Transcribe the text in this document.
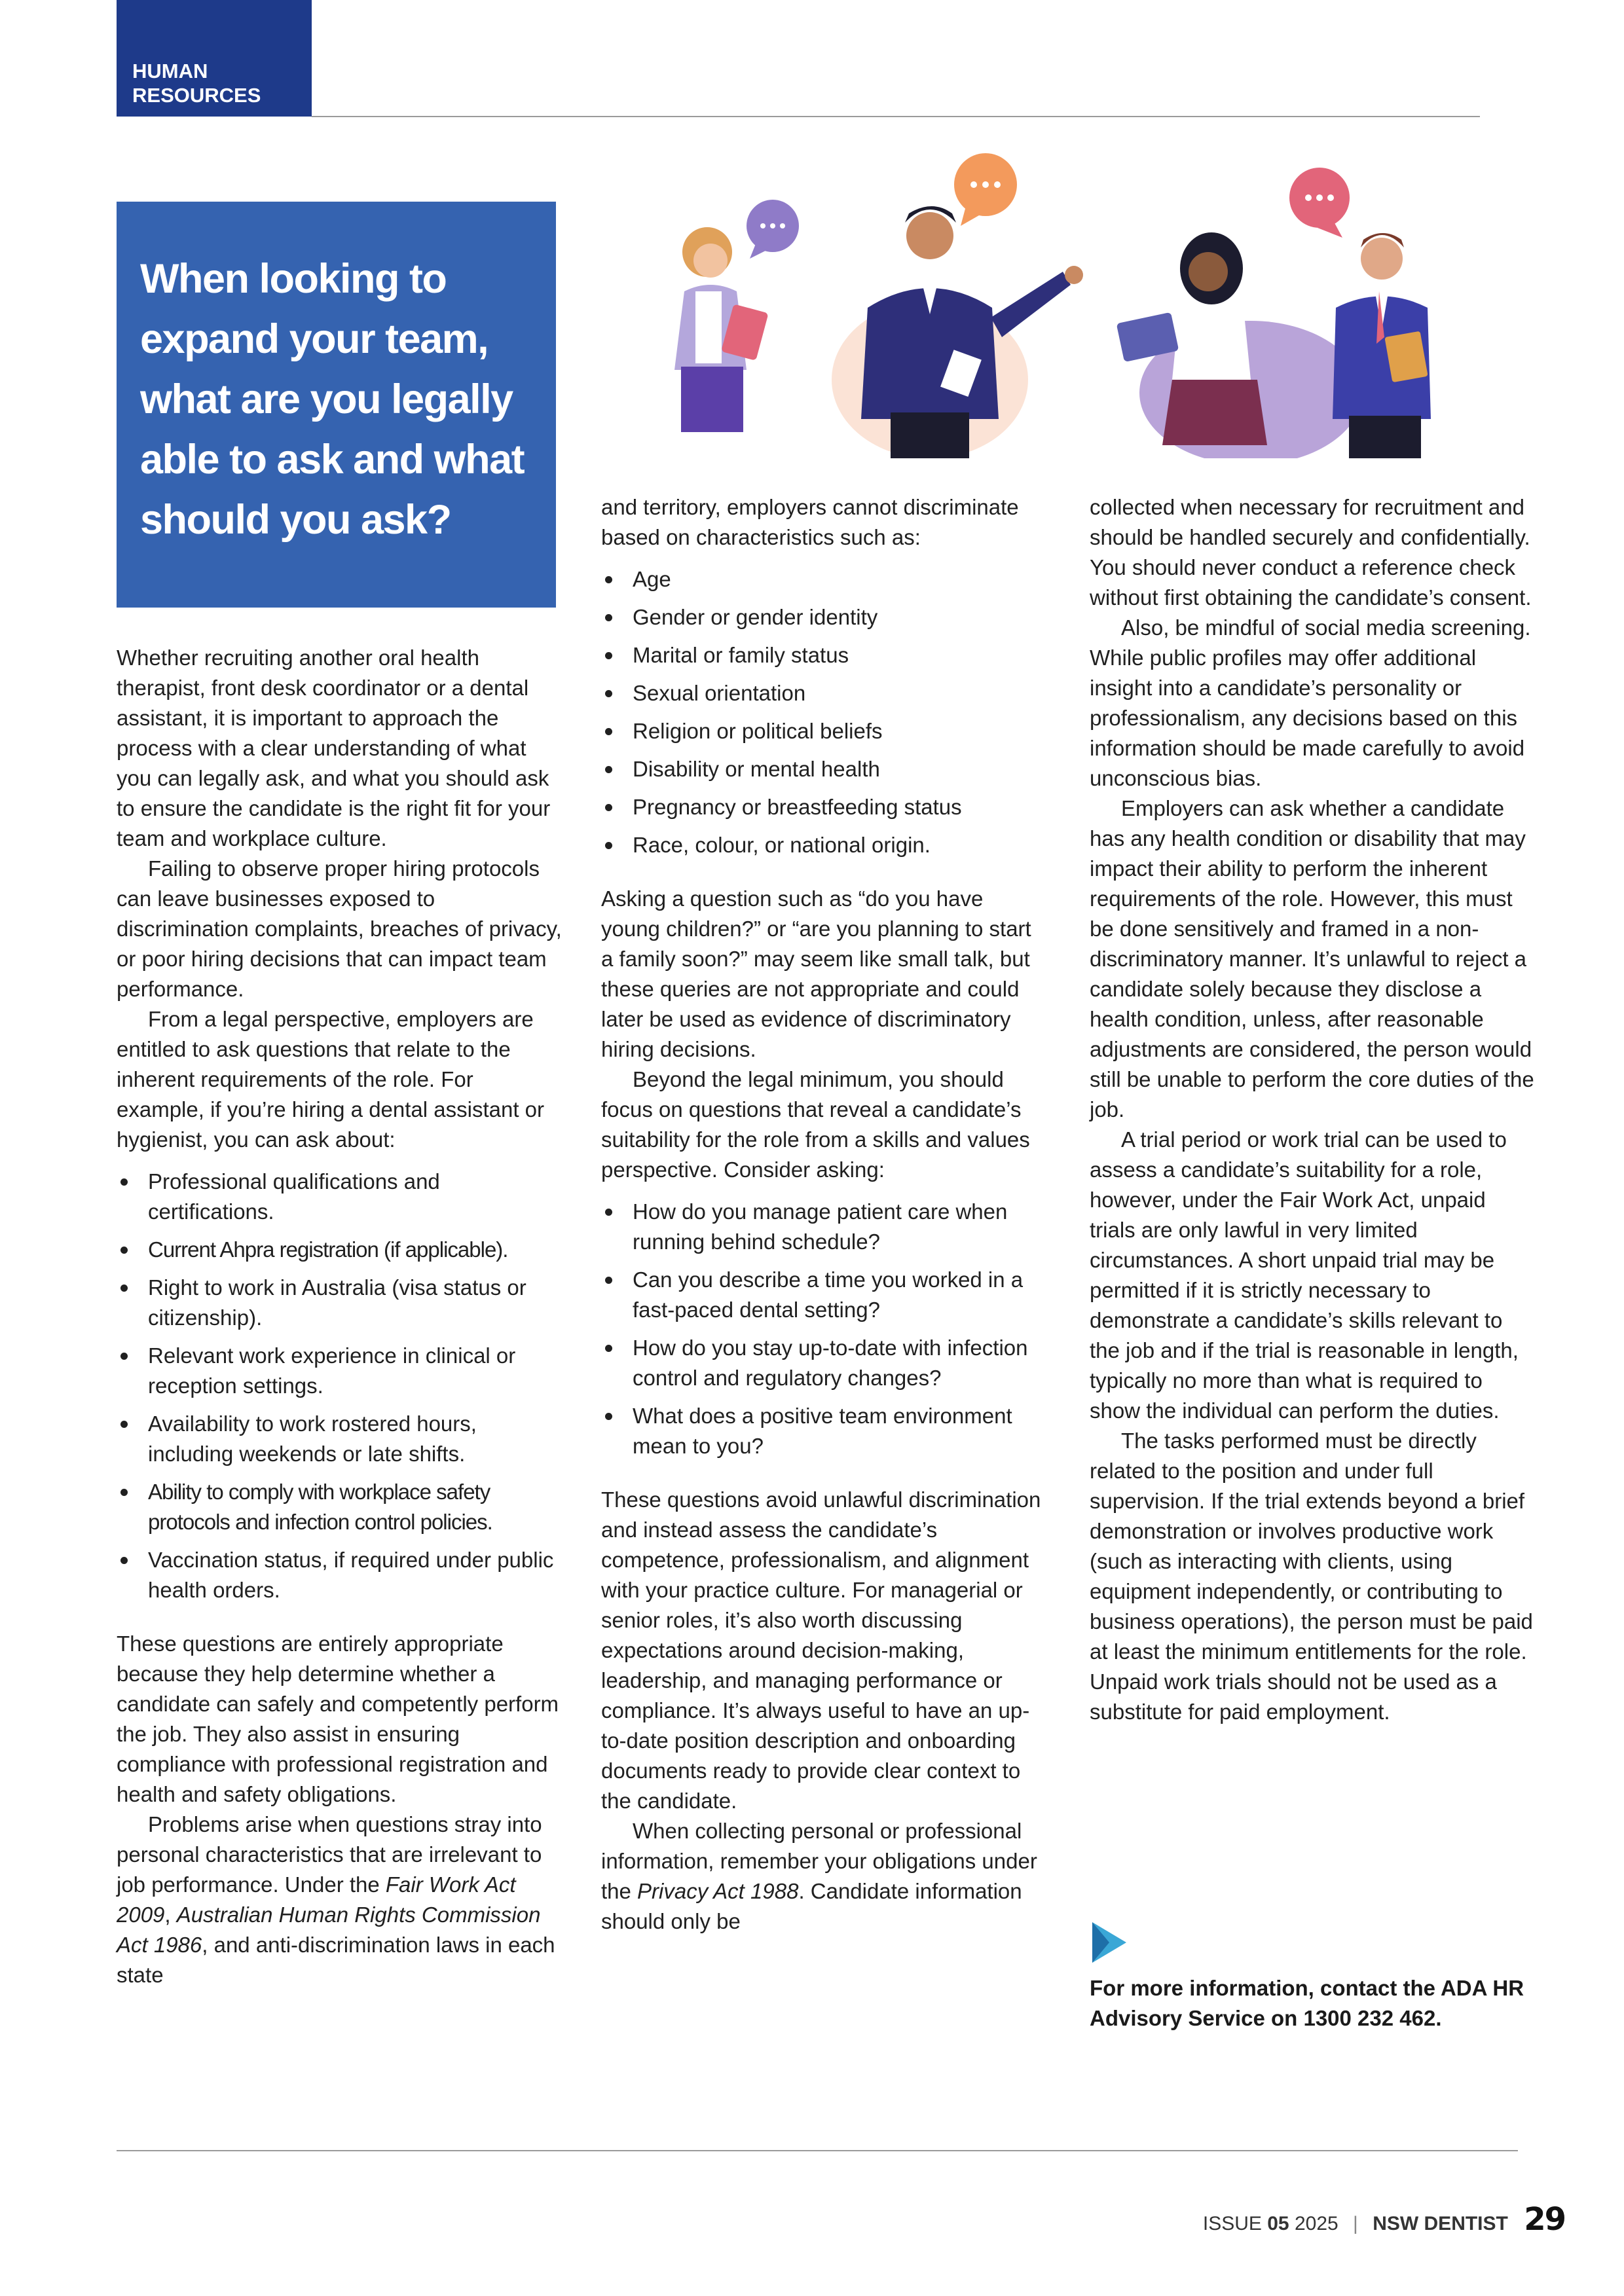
HUMAN
RESOURCES
When looking to expand your team, what are you legally able to ask and what should you ask?

Whether recruiting another oral health therapist, front desk coordinator or a dental assistant, it is important to approach the process with a clear understanding of what you can legally ask, and what you should ask to ensure the candidate is the right fit for your team and workplace culture.

Failing to observe proper hiring protocols can leave businesses exposed to discrimination complaints, breaches of privacy, or poor hiring decisions that can impact team performance.

From a legal perspective, employers are entitled to ask questions that relate to the inherent requirements of the role. For example, if you’re hiring a dental assistant or hygienist, you can ask about:

Professional qualifications and certifications.
Current Ahpra registration (if applicable).
Right to work in Australia (visa status or citizenship).
Relevant work experience in clinical or reception settings.
Availability to work rostered hours, including weekends or late shifts.
Ability to comply with workplace safety protocols and infection control policies.
Vaccination status, if required under public health orders.

These questions are entirely appropriate because they help determine whether a candidate can safely and competently perform the job. They also assist in ensuring compliance with professional registration and health and safety obligations.

Problems arise when questions stray into personal characteristics that are irrelevant to job performance. Under the Fair Work Act 2009, Australian Human Rights Commission Act 1986, and anti-discrimination laws in each state

and territory, employers cannot discriminate based on characteristics such as:

Age
Gender or gender identity
Marital or family status
Sexual orientation
Religion or political beliefs
Disability or mental health
Pregnancy or breastfeeding status
Race, colour, or national origin.

Asking a question such as “do you have young children?” or “are you planning to start a family soon?” may seem like small talk, but these queries are not appropriate and could later be used as evidence of discriminatory hiring decisions.

Beyond the legal minimum, you should focus on questions that reveal a candidate’s suitability for the role from a skills and values perspective. Consider asking:

How do you manage patient care when running behind schedule?
Can you describe a time you worked in a fast-paced dental setting?
How do you stay up-to-date with infection control and regulatory changes?
What does a positive team environment mean to you?

These questions avoid unlawful discrimination and instead assess the candidate’s competence, professionalism, and alignment with your practice culture. For managerial or senior roles, it’s also worth discussing expectations around decision-making, leadership, and managing performance or compliance. It’s always useful to have an up-to-date position description and onboarding documents ready to provide clear context to the candidate.

When collecting personal or professional information, remember your obligations under the Privacy Act 1988. Candidate information should only be

collected when necessary for recruitment and should be handled securely and confidentially. You should never conduct a reference check without first obtaining the candidate’s consent.

Also, be mindful of social media screening. While public profiles may offer additional insight into a candidate’s personality or professionalism, any decisions based on this information should be made carefully to avoid unconscious bias.

Employers can ask whether a candidate has any health condition or disability that may impact their ability to perform the inherent requirements of the role. However, this must be done sensitively and framed in a non-discriminatory manner. It’s unlawful to reject a candidate solely because they disclose a health condition, unless, after reasonable adjustments are considered, the person would still be unable to perform the core duties of the job.

A trial period or work trial can be used to assess a candidate’s suitability for a role, however, under the Fair Work Act, unpaid trials are only lawful in very limited circumstances. A short unpaid trial may be permitted if it is strictly necessary to demonstrate a candidate’s skills relevant to the job and if the trial is reasonable in length, typically no more than what is required to show the individual can perform the duties.

The tasks performed must be directly related to the position and under full supervision. If the trial extends beyond a brief demonstration or involves productive work (such as interacting with clients, using equipment independently, or contributing to business operations), the person must be paid at least the minimum entitlements for the role. Unpaid work trials should not be used as a substitute for paid employment.

For more information, contact the ADA HR Advisory Service on 1300 232 462.

ISSUE 05 2025 | NSW DENTIST 29
